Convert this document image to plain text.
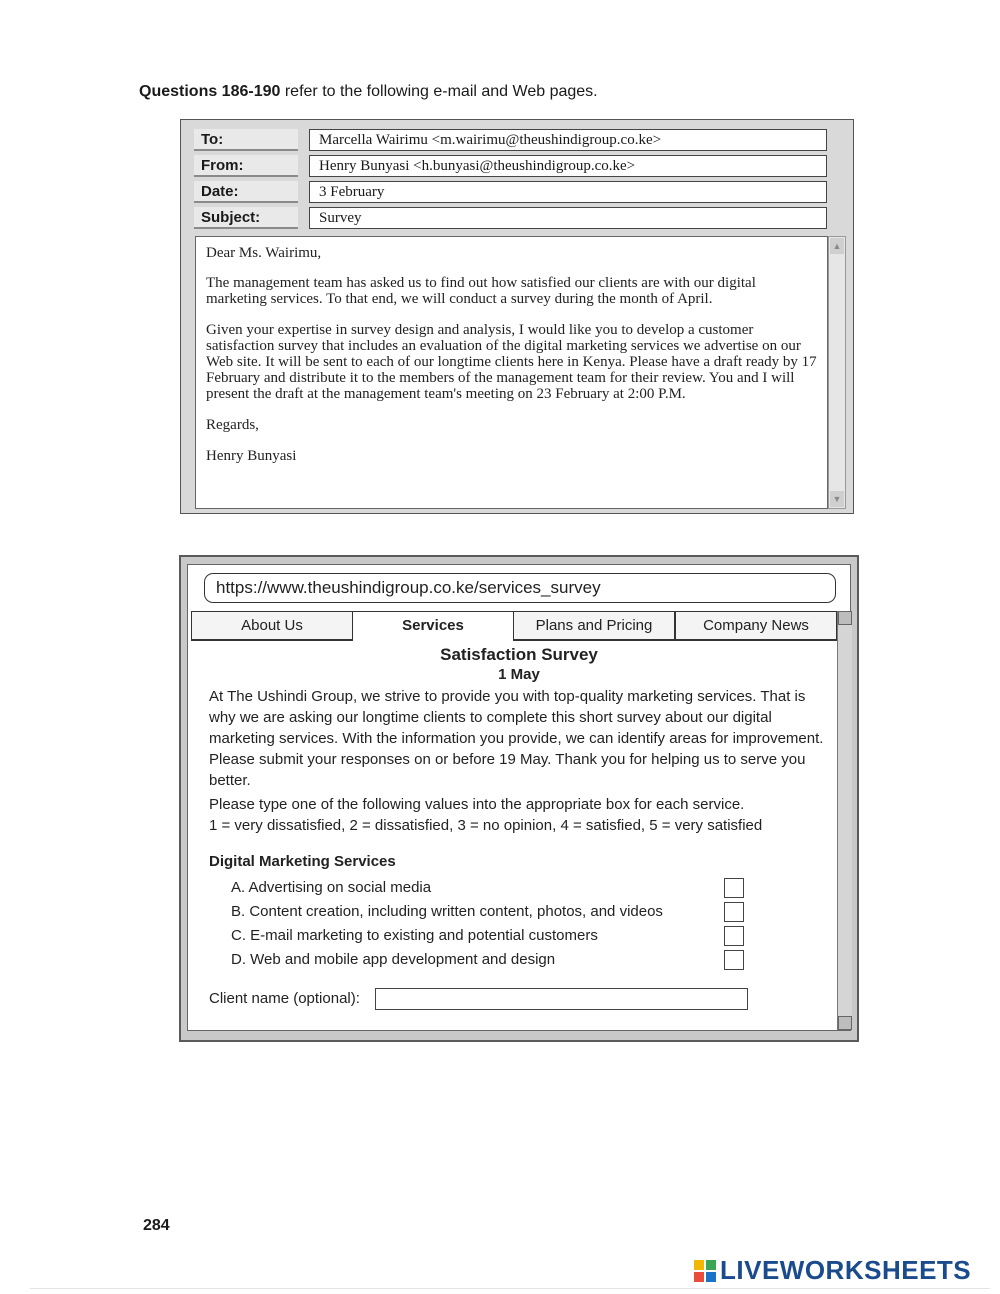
Questions 186-190 refer to the following e-mail and Web pages.
To:	Marcella Wairimu <m.wairimu@theushindigroup.co.ke>
From:	Henry Bunyasi <h.bunyasi@theushindigroup.co.ke>
Date:	3 February
Subject:	Survey

Dear Ms. Wairimu,

The management team has asked us to find out how satisfied our clients are with our digital marketing services. To that end, we will conduct a survey during the month of April.

Given your expertise in survey design and analysis, I would like you to develop a customer satisfaction survey that includes an evaluation of the digital marketing services we advertise on our Web site. It will be sent to each of our longtime clients here in Kenya. Please have a draft ready by 17 February and distribute it to the members of the management team for their review. You and I will present the draft at the management team's meeting on 23 February at 2:00 P.M.

Regards,

Henry Bunyasi

▲
▼
https://www.theushindigroup.co.ke/services_survey
About Us	Services	Plans and Pricing	Company News
Satisfaction Survey
1 May
At The Ushindi Group, we strive to provide you with top-quality marketing services. That is why we are asking our longtime clients to complete this short survey about our digital marketing services. With the information you provide, we can identify areas for improvement. Please submit your responses on or before 19 May. Thank you for helping us to serve you better.
Please type one of the following values into the appropriate box for each service.
1 = very dissatisfied, 2 = dissatisfied, 3 = no opinion, 4 = satisfied, 5 = very satisfied
Digital Marketing Services
A. Advertising on social media
B. Content creation, including written content, photos, and videos
C. E-mail marketing to existing and potential customers
D. Web and mobile app development and design
Client name (optional):
284
LIVEWORKSHEETS
